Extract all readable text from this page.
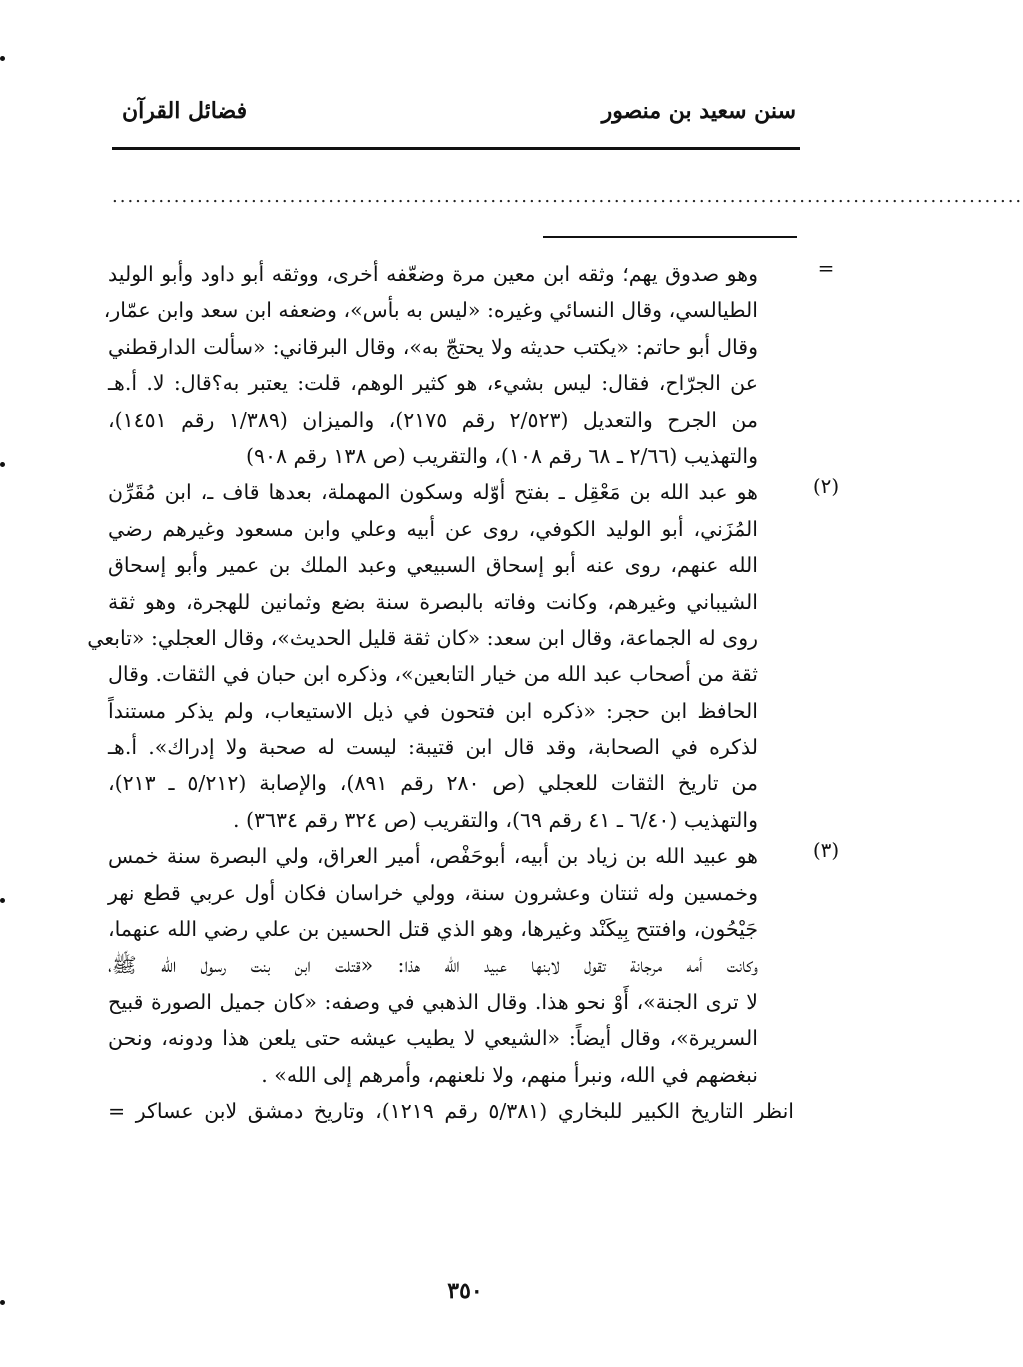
سنن سعيد بن منصور
فضائل القرآن
......................................................................................................................
=
وهو صدوق يهم؛ وثقه ابن معين مرة وضعّفه أخرى، ووثقه أبو داود وأبو الوليد
الطيالسي، وقال النسائي وغيره: «ليس به بأس»، وضعفه ابن سعد وابن عمّار،
وقال أبو حاتم: «يكتب حديثه ولا يحتجّ به»، وقال البرقاني: «سألت الدارقطني
عن الجرّاح، فقال: ليس بشيء، هو كثير الوهم، قلت: يعتبر به؟قال: لا. أ.هـ
من الجرح والتعديل (٢/٥٢٣ رقم ٢١٧٥)، والميزان (١/٣٨٩ رقم ١٤٥١)،
والتهذيب (٢/٦٦ ـ ٦٨ رقم ١٠٨)، والتقريب (ص ١٣٨ رقم ٩٠٨)
(٢)
هو عبد الله بن مَعْقِل ـ بفتح أوّله وسكون المهملة، بعدها قاف ـ، ابن مُقَرِّن
المُزَني، أبو الوليد الكوفي، روى عن أبيه وعلي وابن مسعود وغيرهم رضي
الله عنهم، روى عنه أبو إسحاق السبيعي وعبد الملك بن عمير وأبو إسحاق
الشيباني وغيرهم، وكانت وفاته بالبصرة سنة بضع وثمانين للهجرة، وهو ثقة
روى له الجماعة، وقال ابن سعد: «كان ثقة قليل الحديث»، وقال العجلي: «تابعي
ثقة من أصحاب عبد الله من خيار التابعين»، وذكره ابن حبان في الثقات. وقال
الحافظ ابن حجر: «ذكره ابن فتحون في ذيل الاستيعاب، ولم يذكر مستنداً
لذكره في الصحابة، وقد قال ابن قتيبة: ليست له صحبة ولا إدراك». أ.هـ
من تاريخ الثقات للعجلي (ص ٢٨٠ رقم ٨٩١)، والإصابة (٥/٢١٢ ـ ٢١٣)،
والتهذيب (٦/٤٠ ـ ٤١ رقم ٦٩)، والتقريب (ص ٣٢٤ رقم ٣٦٣٤) .
(٣)
هو عبيد الله بن زياد بن أبيه، أبوحَفْص، أمير العراق، ولي البصرة سنة خمس
وخمسين وله ثنتان وعشرون سنة، وولي خراسان فكان أول عربي قطع نهر
جَيْحُون، وافتتح بِيكَنْد وغيرها، وهو الذي قتل الحسين بن علي رضي الله عنهما،
وكانت أمه مرجانة تقول لابنها عبيد الله هذا: «قتلت ابن بنت رسول الله ﷺ،
لا ترى الجنة»، أَوْ نحو هذا. وقال الذهبي في وصفه: «كان جميل الصورة قبيح
السريرة»، وقال أيضاً: «الشيعي لا يطيب عيشه حتى يلعن هذا ودونه، ونحن
نبغضهم في الله، ونبرأ منهم، ولا نلعنهم، وأمرهم إلى الله» .
انظر التاريخ الكبير للبخاري (٥/٣٨١ رقم ١٢١٩)، وتاريخ دمشق لابن عساكر =
٣٥٠
